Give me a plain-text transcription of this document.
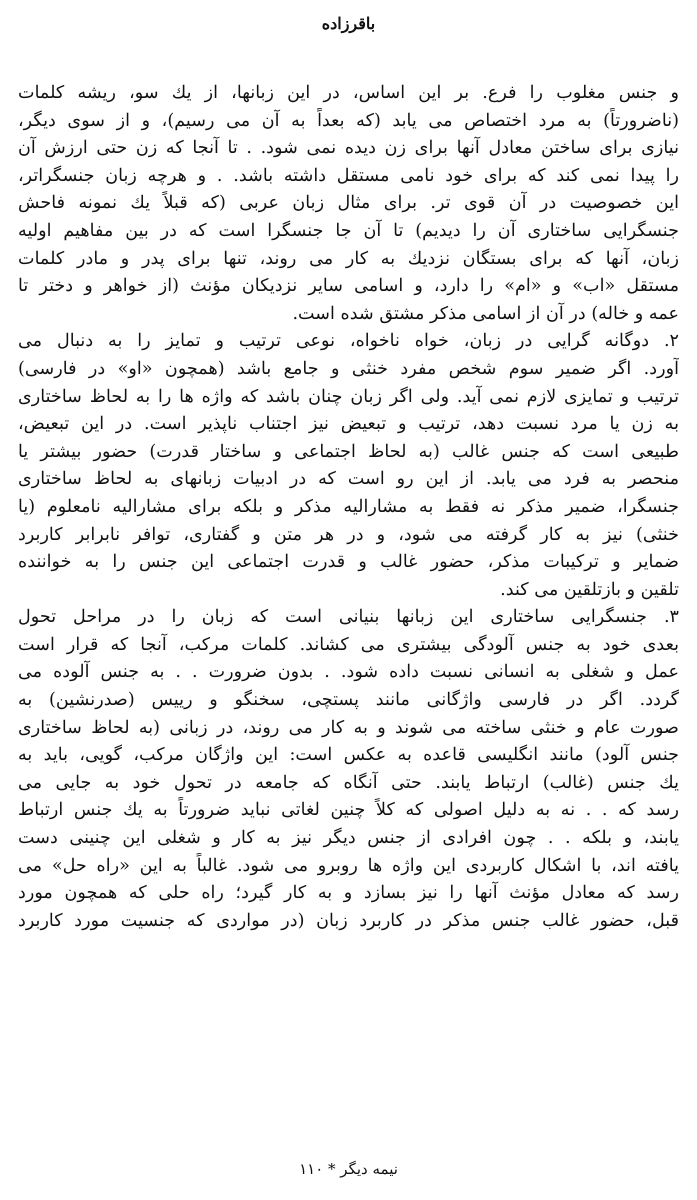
باقرزاده
و جنس مغلوب را فرع. بر این اساس، در این زبانها، از یك سو، ریشه کلمات
(ناضرورتاً) به مرد اختصاص می یابد (که بعداً به آن می رسیم)، و از سوی دیگر،
نیازی برای ساختن معادل آنها برای زن دیده نمی شود. . تا آنجا که زن حتی ارزش آن
را پیدا نمی کند که برای خود نامی مستقل داشته باشد. . و هرچه زبان جنسگراتر،
این خصوصیت در آن قوی تر. برای مثال زبان عربی (که قبلاً یك نمونه فاحش
جنسگرایی ساختاری آن را دیدیم) تا آن جا جنسگرا است که در بین مفاهیم اولیه
زبان، آنها که برای بستگان نزدیك به کار می روند، تنها برای پدر و مادر کلمات
مستقل «اب» و «ام» را دارد، و اسامی سایر نزدیکان مؤنث (از خواهر و دختر تا
عمه و خاله) در آن از اسامی مذکر مشتق شده است.
۲. دوگانه گرایی در زبان، خواه ناخواه، نوعی ترتیب و تمایز را به دنبال می
آورد. اگر ضمیر سوم شخص مفرد خنثی و جامع باشد (همچون «او» در فارسی)
ترتیب و تمایزی لازم نمی آید. ولی اگر زبان چنان باشد که واژه ها را به لحاظ ساختاری
به زن یا مرد نسبت دهد، ترتیب و تبعیض نیز اجتناب ناپذیر است. در این تبعیض،
طبیعی است که جنس غالب (به لحاظ اجتماعی و ساختار قدرت) حضور بیشتر یا
منحصر به فرد می یابد. از این رو است که در ادبیات زبانهای به لحاظ ساختاری
جنسگرا، ضمیر مذکر نه فقط به مشارالیه مذکر و بلکه برای مشارالیه نامعلوم (یا
خنثی) نیز به کار گرفته می شود، و در هر متن و گفتاری، توافر نابرابر کاربرد
ضمایر و ترکیبات مذکر، حضور غالب و قدرت اجتماعی این جنس را به خواننده
تلقین و بازتلقین می کند.
۳. جنسگرایی ساختاری این زبانها بنیانی است که زبان را در مراحل تحول
بعدی خود به جنس آلودگی بیشتری می کشاند. کلمات مرکب، آنجا که قرار است
عمل و شغلی به انسانی نسبت داده شود. . بدون ضرورت . . به جنس آلوده می
گردد. اگر در فارسی واژگانی مانند پستچی، سخنگو و رییس (صدرنشین) به
صورت عام و خنثی ساخته می شوند و به کار می روند، در زبانی (به لحاظ ساختاری
جنس آلود) مانند انگلیسی قاعده به عکس است: این واژگان مرکب، گویی، باید به
یك جنس (غالب) ارتباط یابند. حتی آنگاه که جامعه در تحول خود به جایی می
رسد که . . نه به دلیل اصولی که کلاً چنین لغاتی نباید ضرورتاً به یك جنس ارتباط
یابند، و بلکه . . چون افرادی از جنس دیگر نیز به کار و شغلی این چنینی دست
یافته اند، با اشکال کاربردی این واژه ها روبرو می شود. غالباً به این «راه حل» می
رسد که معادل مؤنث آنها را نیز بسازد و به کار گیرد؛ راه حلی که همچون مورد
قبل، حضور غالب جنس مذکر در کاربرد زبان (در مواردی که جنسیت مورد کاربرد
نیمه دیگر * ۱۱۰
